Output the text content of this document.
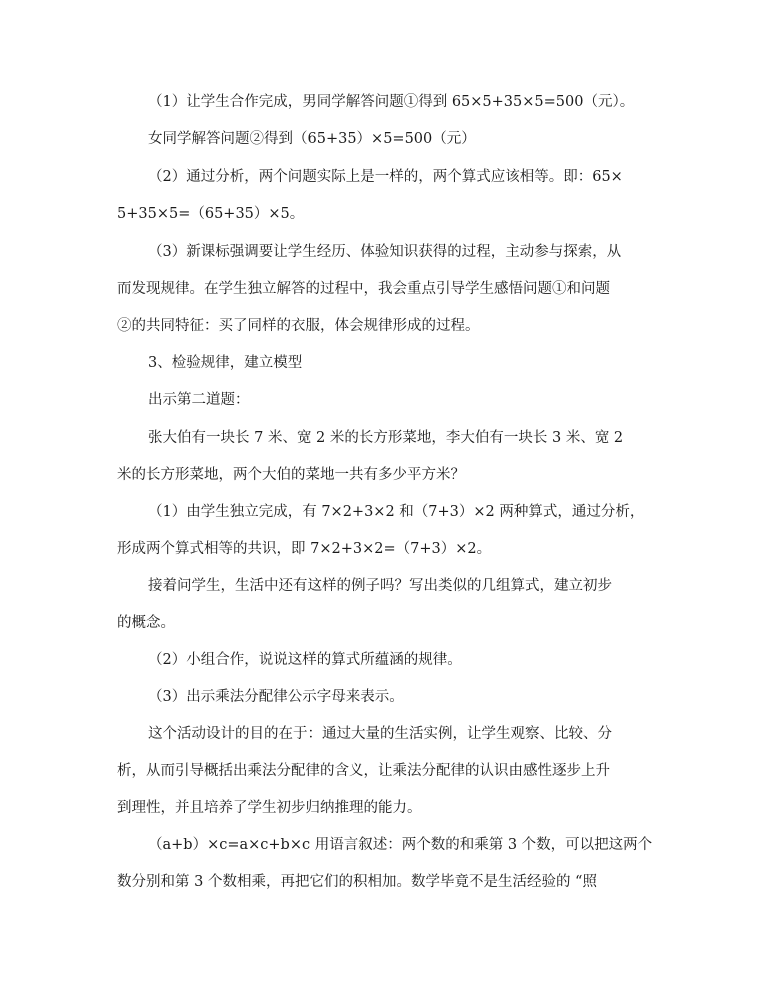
（1）让学生合作完成，男同学解答问题①得到 65×5+35×5=500（元）。
女同学解答问题②得到（65+35）×5=500（元）
（2）通过分析，两个问题实际上是一样的，两个算式应该相等。即：65×
5+35×5=（65+35）×5。
（3）新课标强调要让学生经历、体验知识获得的过程，主动参与探索，从
而发现规律。在学生独立解答的过程中，我会重点引导学生感悟问题①和问题
②的共同特征：买了同样的衣服，体会规律形成的过程。
3、检验规律，建立模型
出示第二道题：
张大伯有一块长 7 米、宽 2 米的长方形菜地，李大伯有一块长 3 米、宽 2
米的长方形菜地，两个大伯的菜地一共有多少平方米？
（1）由学生独立完成，有 7×2+3×2 和（7+3）×2 两种算式，通过分析，
形成两个算式相等的共识，即 7×2+3×2=（7+3）×2。
接着问学生，生活中还有这样的例子吗？写出类似的几组算式，建立初步
的概念。
（2）小组合作，说说这样的算式所蕴涵的规律。
（3）出示乘法分配律公示字母来表示。
这个活动设计的目的在于：通过大量的生活实例，让学生观察、比较、分
析，从而引导概括出乘法分配律的含义，让乘法分配律的认识由感性逐步上升
到理性，并且培养了学生初步归纳推理的能力。
（a+b）×c=a×c+b×c 用语言叙述：两个数的和乘第 3 个数，可以把这两个
数分别和第 3 个数相乘，再把它们的积相加。数学毕竟不是生活经验的 “照
